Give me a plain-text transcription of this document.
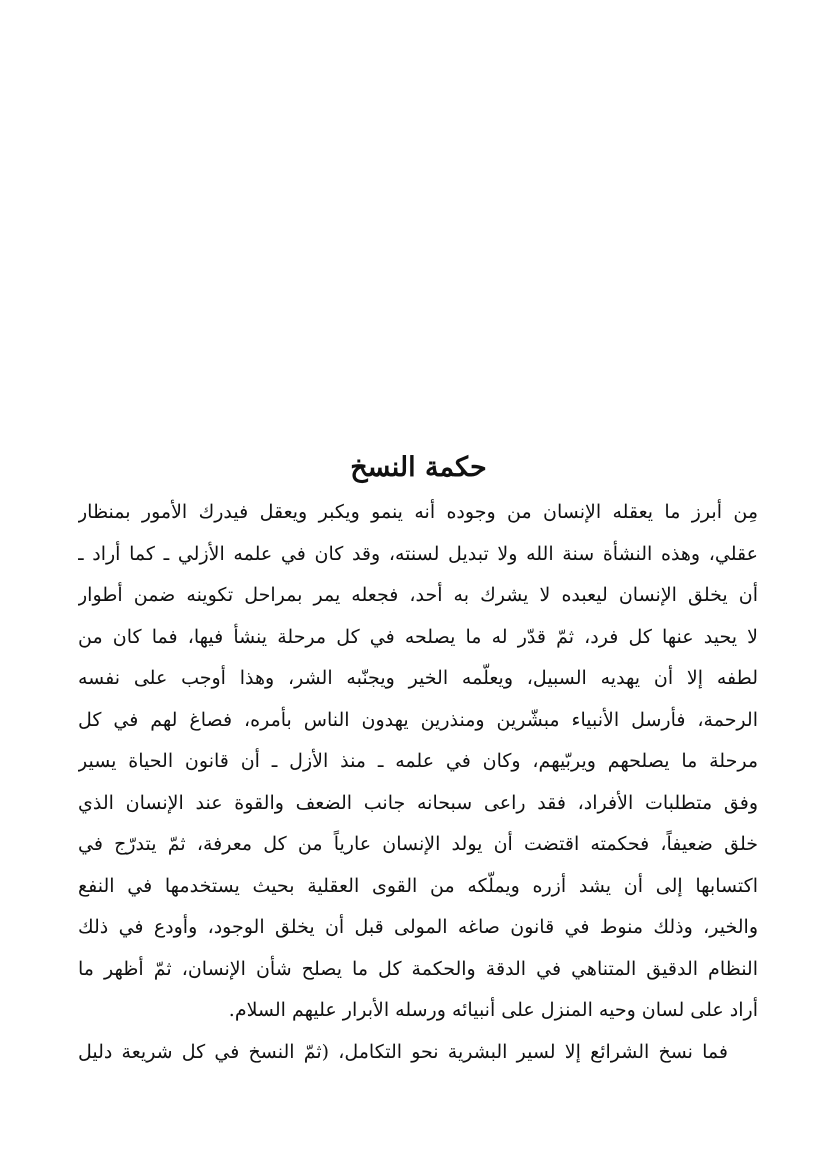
حكمة النسخ
مِن أبرز ما يعقله الإنسان من وجوده أنه ينمو ويكبر ويعقل فيدرك الأمور بمنظار
عقلي، وهذه النشأة سنة الله ولا تبديل لسنته، وقد كان في علمه الأزلي ـ كما أراد ـ
أن يخلق الإنسان ليعبده لا يشرك به أحد، فجعله يمر بمراحل تكوينه ضمن أطوار
لا يحيد عنها كل فرد، ثمّ قدّر له ما يصلحه في كل مرحلة ينشأ فيها، فما كان من
لطفه إلا أن يهديه السبيل، ويعلّمه الخير ويجنّبه الشر، وهذا أوجب على نفسه
الرحمة، فأرسل الأنبياء مبشّرين ومنذرين يهدون الناس بأمره، فصاغ لهم في كل
مرحلة ما يصلحهم ويربّيهم، وكان في علمه ـ منذ الأزل ـ أن قانون الحياة يسير
وفق متطلبات الأفراد، فقد راعى سبحانه جانب الضعف والقوة عند الإنسان الذي
خلق ضعيفاً، فحكمته اقتضت أن يولد الإنسان عارياً من كل معرفة، ثمّ يتدرّج في
اكتسابها إلى أن يشد أزره ويملّكه من القوى العقلية بحيث يستخدمها في النفع
والخير، وذلك منوط في قانون صاغه المولى قبل أن يخلق الوجود، وأودع في ذلك
النظام الدقيق المتناهي في الدقة والحكمة كل ما يصلح شأن الإنسان، ثمّ أظهر ما
أراد على لسان وحيه المنزل على أنبيائه ورسله الأبرار عليهم السلام.
فما نسخ الشرائع إلا لسير البشرية نحو التكامل، (ثمّ النسخ في كل شريعة دليل
